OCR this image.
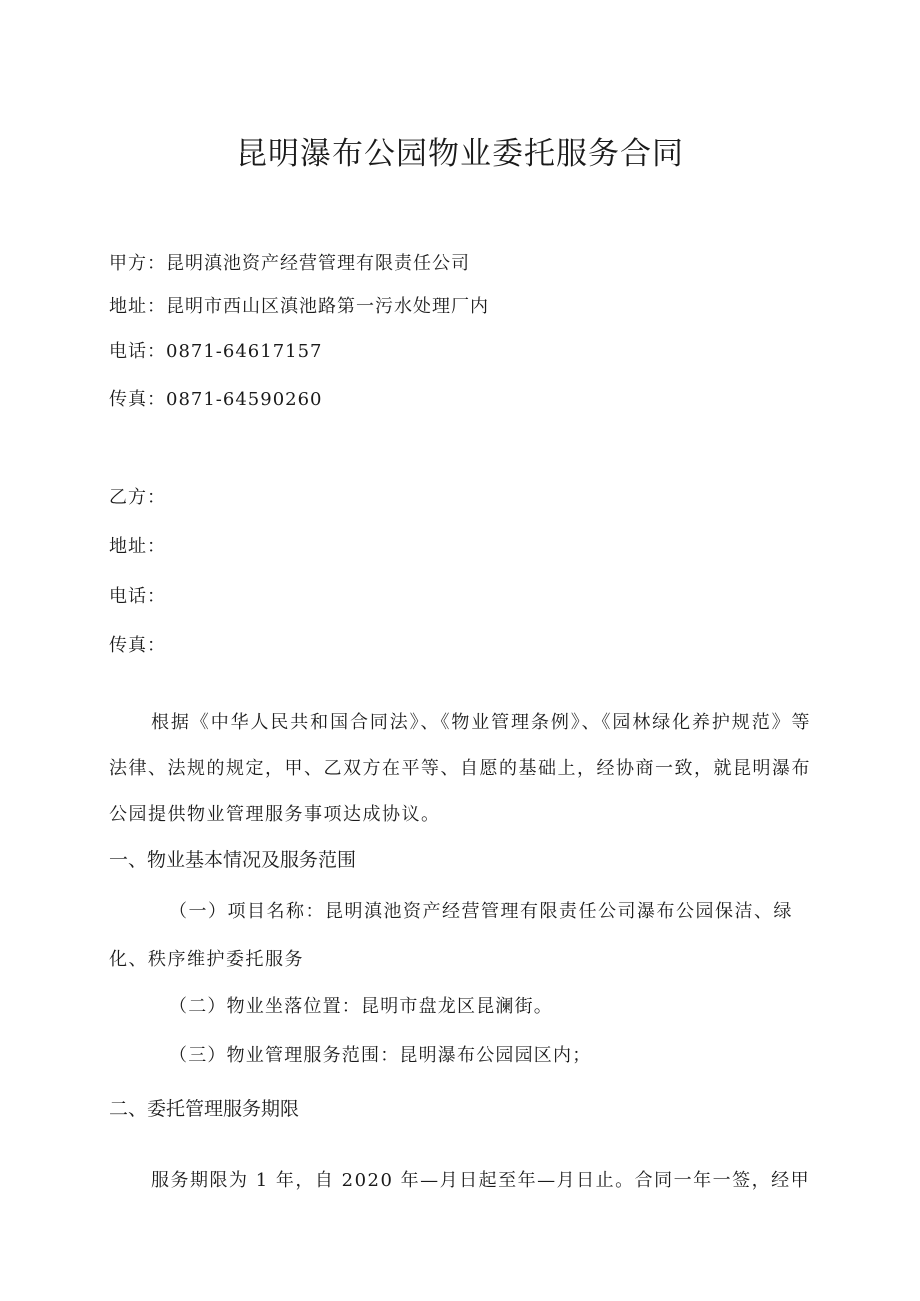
昆明瀑布公园物业委托服务合同
甲方：昆明滇池资产经营管理有限责任公司
地址：昆明市西山区滇池路第一污水处理厂内
电话：0871-64617157
传真：0871-64590260
乙方：
地址：
电话：
传真：

根据《中华人民共和国合同法》、《物业管理条例》、《园林绿化养护规范》等法律、法规的规定，甲、乙双方在平等、自愿的基础上，经协商一致，就昆明瀑布公园提供物业管理服务事项达成协议。

一、物业基本情况及服务范围

（一）项目名称：昆明滇池资产经营管理有限责任公司瀑布公园保洁、绿化、秩序维护委托服务

（二）物业坐落位置：昆明市盘龙区昆澜街。
（三）物业管理服务范围：昆明瀑布公园园区内；
二、委托管理服务期限

服务期限为 1 年，自 2020 年—月日起至年—月日止。合同一年一签，经甲
